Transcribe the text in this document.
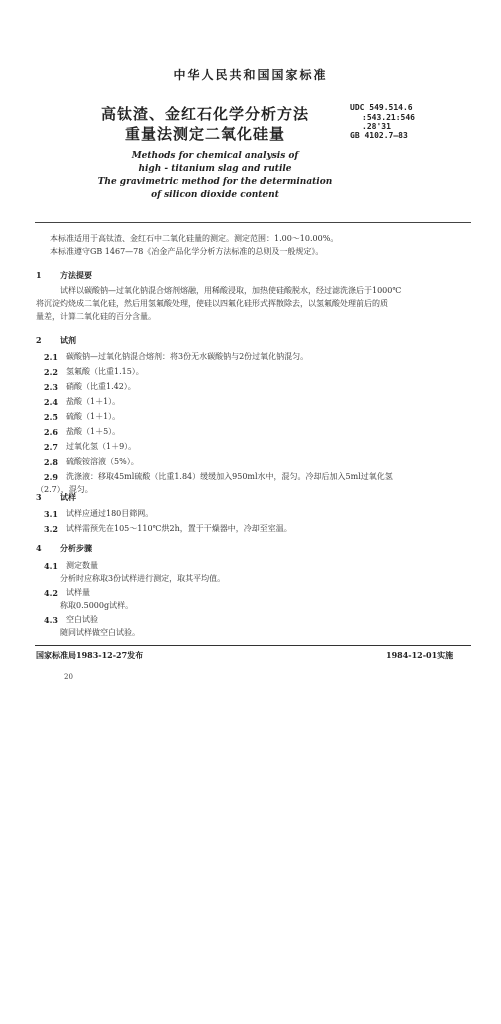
中华人民共和国国家标准
高钛渣、金红石化学分析方法
重量法测定二氧化硅量
UDC 549.514.6
:543.21:546
.28'31
GB 4102.7—83
Methods for chemical analysis of
high - titanium slag and rutile
The gravimetric method for the determination
of silicon dioxide content
本标准适用于高钛渣、金红石中二氧化硅量的测定。测定范围：1.00～10.00%。
本标准遵守GB 1467—78《冶金产品化学分析方法标准的总则及一般规定》。
1 方法提要
试样以碳酸钠—过氧化钠混合熔剂熔融，用稀酸浸取，加热使硅酸脱水，经过滤洗涤后于1000℃
将沉淀灼烧成二氧化硅，然后用氢氟酸处理，使硅以四氟化硅形式挥散除去，以氢氟酸处理前后的质
量差，计算二氧化硅的百分含量。
2 试剂
2.1 碳酸钠—过氧化钠混合熔剂：将3份无水碳酸钠与2份过氧化钠混匀。
2.2 氢氟酸（比重1.15）。
2.3 硝酸（比重1.42）。
2.4 盐酸（1＋1）。
2.5 硫酸（1＋1）。
2.6 盐酸（1＋5）。
2.7 过氧化氢（1＋9）。
2.8 硫酸铵溶液（5%）。
2.9 洗涤液：移取45ml硫酸（比重1.84）缓缓加入950ml水中，混匀。冷却后加入5ml过氧化氢
（2.7），混匀。
3 试样
3.1 试样应通过180目筛网。
3.2 试样需预先在105～110℃烘2h，置于干燥器中，冷却至室温。
4 分析步骤
4.1 测定数量
分析时应称取3份试样进行测定，取其平均值。
4.2 试样量
称取0.5000g试样。
4.3 空白试验
随同试样做空白试验。
国家标准局1983-12-27发布	1984-12-01实施
20
